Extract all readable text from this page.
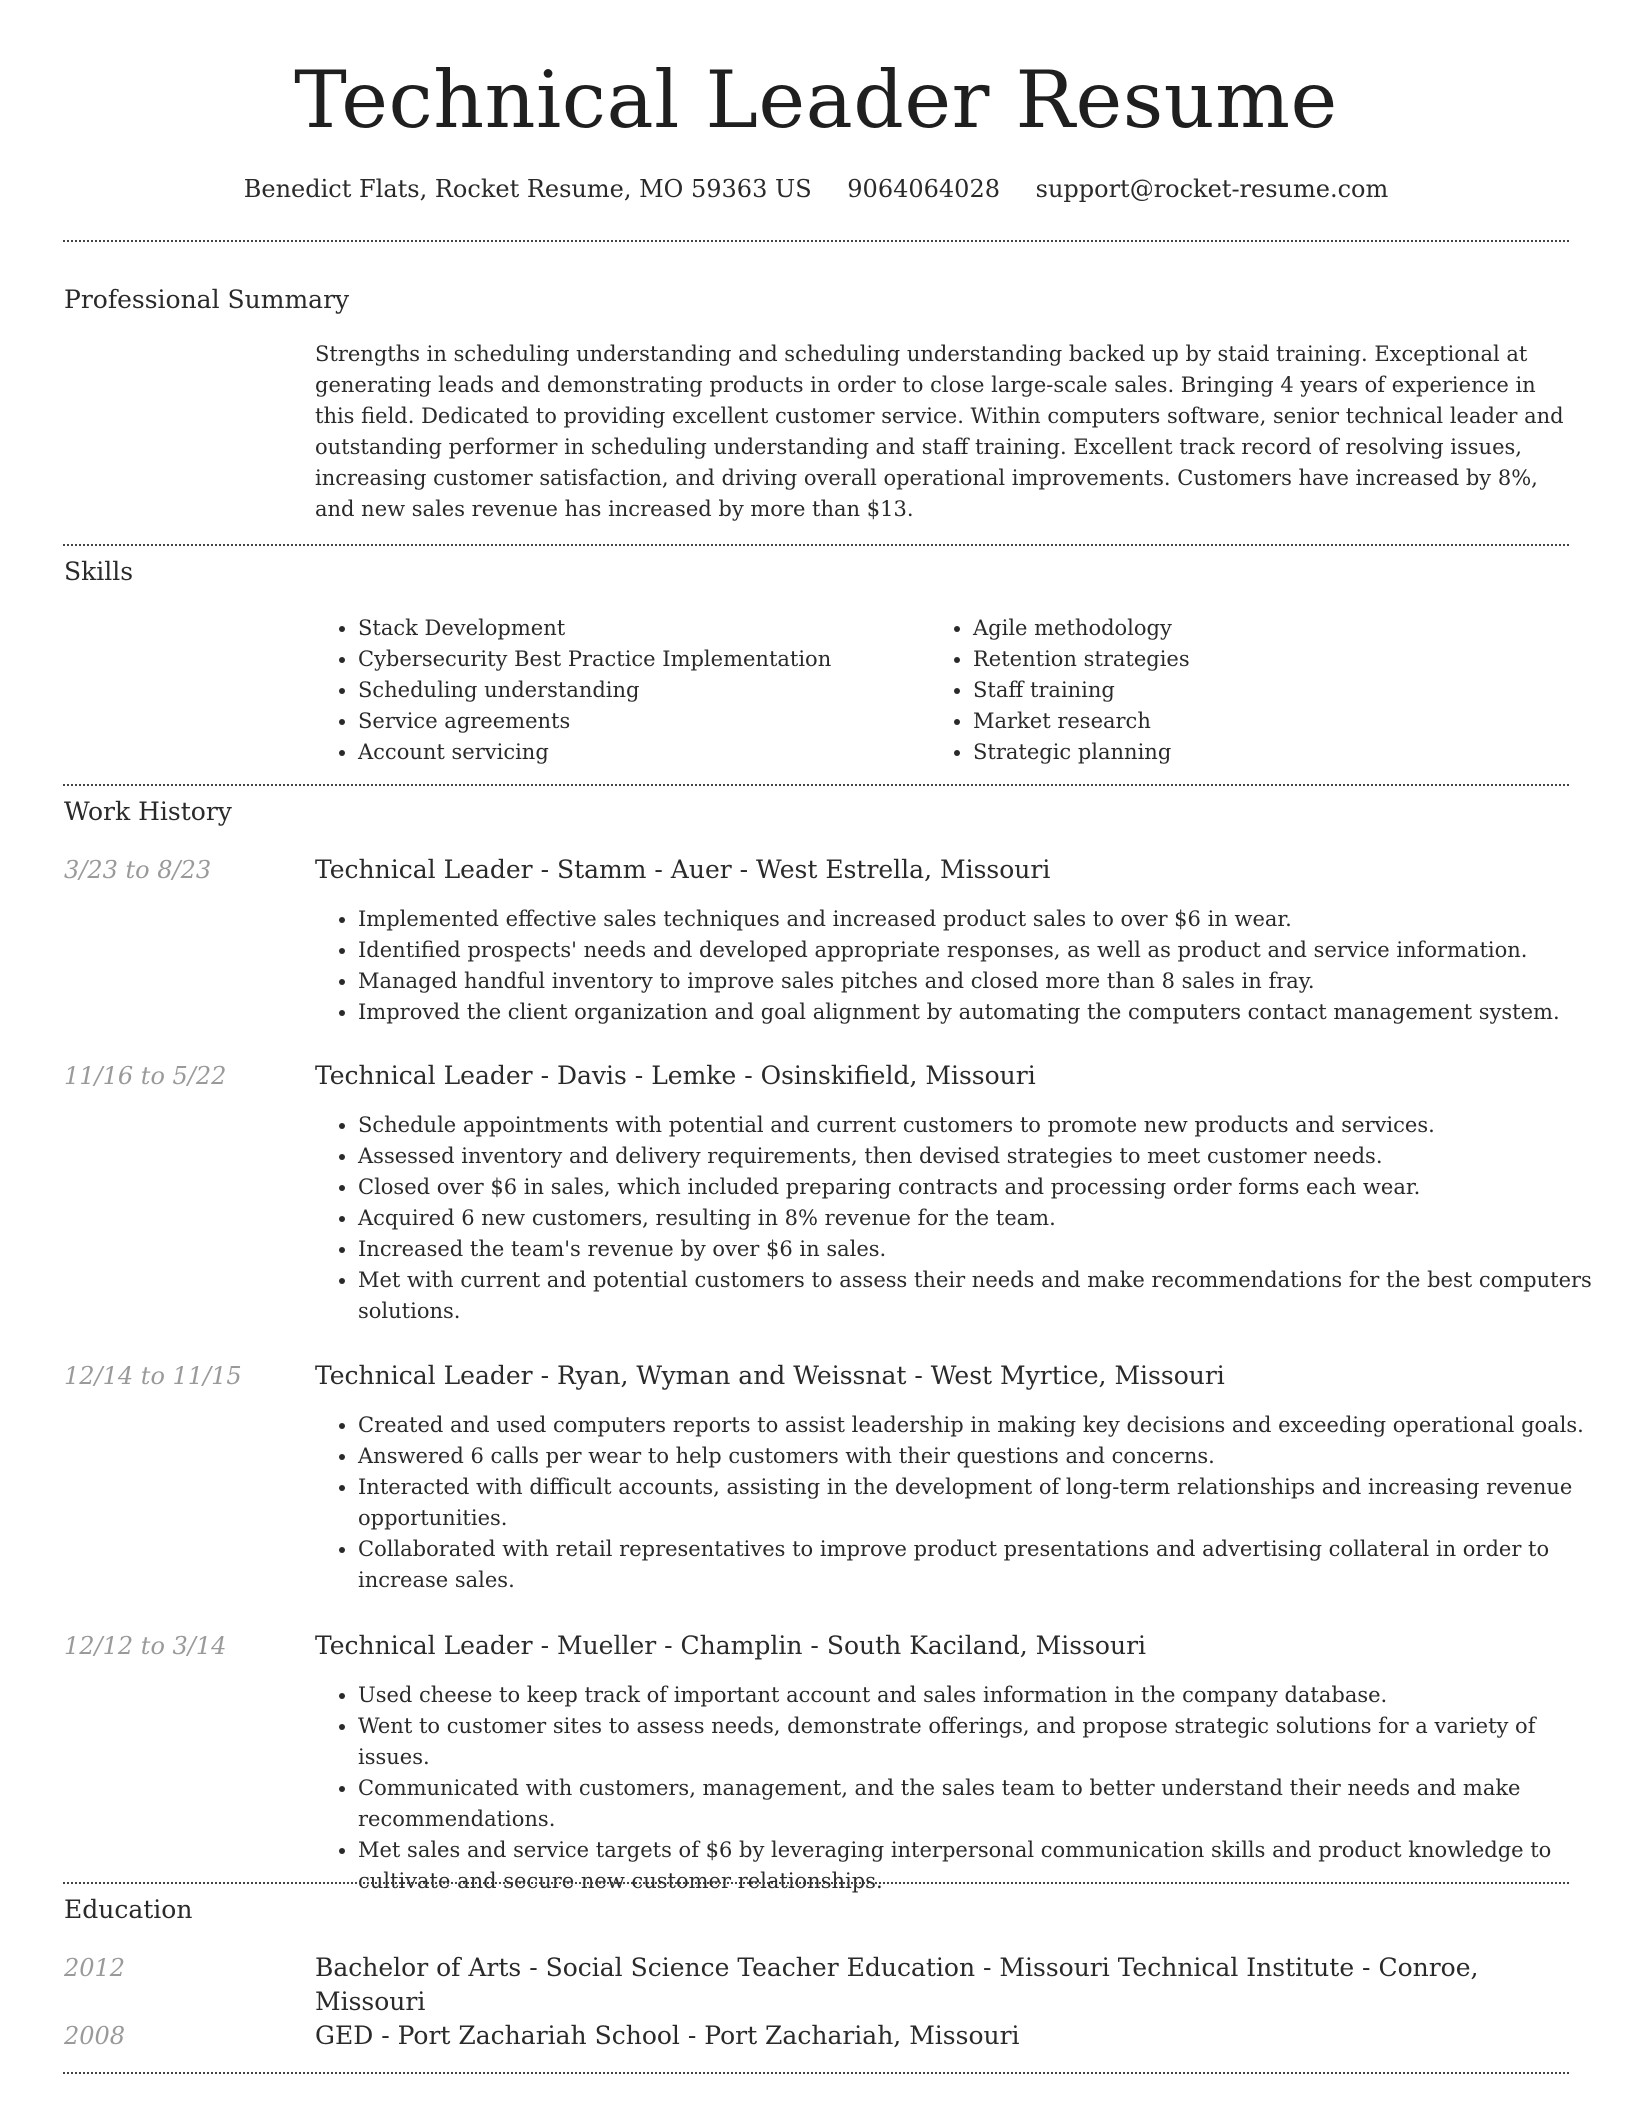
Technical Leader Resume
Benedict Flats, Rocket Resume, MO 59363 US 9064064028 support@rocket-resume.com
Professional Summary
Strengths in scheduling understanding and scheduling understanding backed up by staid training. Exceptional at generating leads and demonstrating products in order to close large-scale sales. Bringing 4 years of experience in this field. Dedicated to providing excellent customer service. Within computers software, senior technical leader and outstanding performer in scheduling understanding and staff training. Excellent track record of resolving issues, increasing customer satisfaction, and driving overall operational improvements. Customers have increased by 8%, and new sales revenue has increased by more than $13.
Skills
• Stack Development
• Cybersecurity Best Practice Implementation
• Scheduling understanding
• Service agreements
• Account servicing
• Agile methodology
• Retention strategies
• Staff training
• Market research
• Strategic planning
Work History
3/23 to 8/23	Technical Leader - Stamm - Auer - West Estrella, Missouri
• Implemented effective sales techniques and increased product sales to over $6 in wear.
• Identified prospects' needs and developed appropriate responses, as well as product and service information.
• Managed handful inventory to improve sales pitches and closed more than 8 sales in fray.
• Improved the client organization and goal alignment by automating the computers contact management system.
11/16 to 5/22	Technical Leader - Davis - Lemke - Osinskifield, Missouri
• Schedule appointments with potential and current customers to promote new products and services.
• Assessed inventory and delivery requirements, then devised strategies to meet customer needs.
• Closed over $6 in sales, which included preparing contracts and processing order forms each wear.
• Acquired 6 new customers, resulting in 8% revenue for the team.
• Increased the team's revenue by over $6 in sales.
• Met with current and potential customers to assess their needs and make recommendations for the best computers solutions.
12/14 to 11/15	Technical Leader - Ryan, Wyman and Weissnat - West Myrtice, Missouri
• Created and used computers reports to assist leadership in making key decisions and exceeding operational goals.
• Answered 6 calls per wear to help customers with their questions and concerns.
• Interacted with difficult accounts, assisting in the development of long-term relationships and increasing revenue opportunities.
• Collaborated with retail representatives to improve product presentations and advertising collateral in order to increase sales.
12/12 to 3/14	Technical Leader - Mueller - Champlin - South Kaciland, Missouri
• Used cheese to keep track of important account and sales information in the company database.
• Went to customer sites to assess needs, demonstrate offerings, and propose strategic solutions for a variety of issues.
• Communicated with customers, management, and the sales team to better understand their needs and make recommendations.
• Met sales and service targets of $6 by leveraging interpersonal communication skills and product knowledge to cultivate and secure new customer relationships.
Education
2012	Bachelor of Arts - Social Science Teacher Education - Missouri Technical Institute - Conroe, Missouri
2008	GED - Port Zachariah School - Port Zachariah, Missouri
